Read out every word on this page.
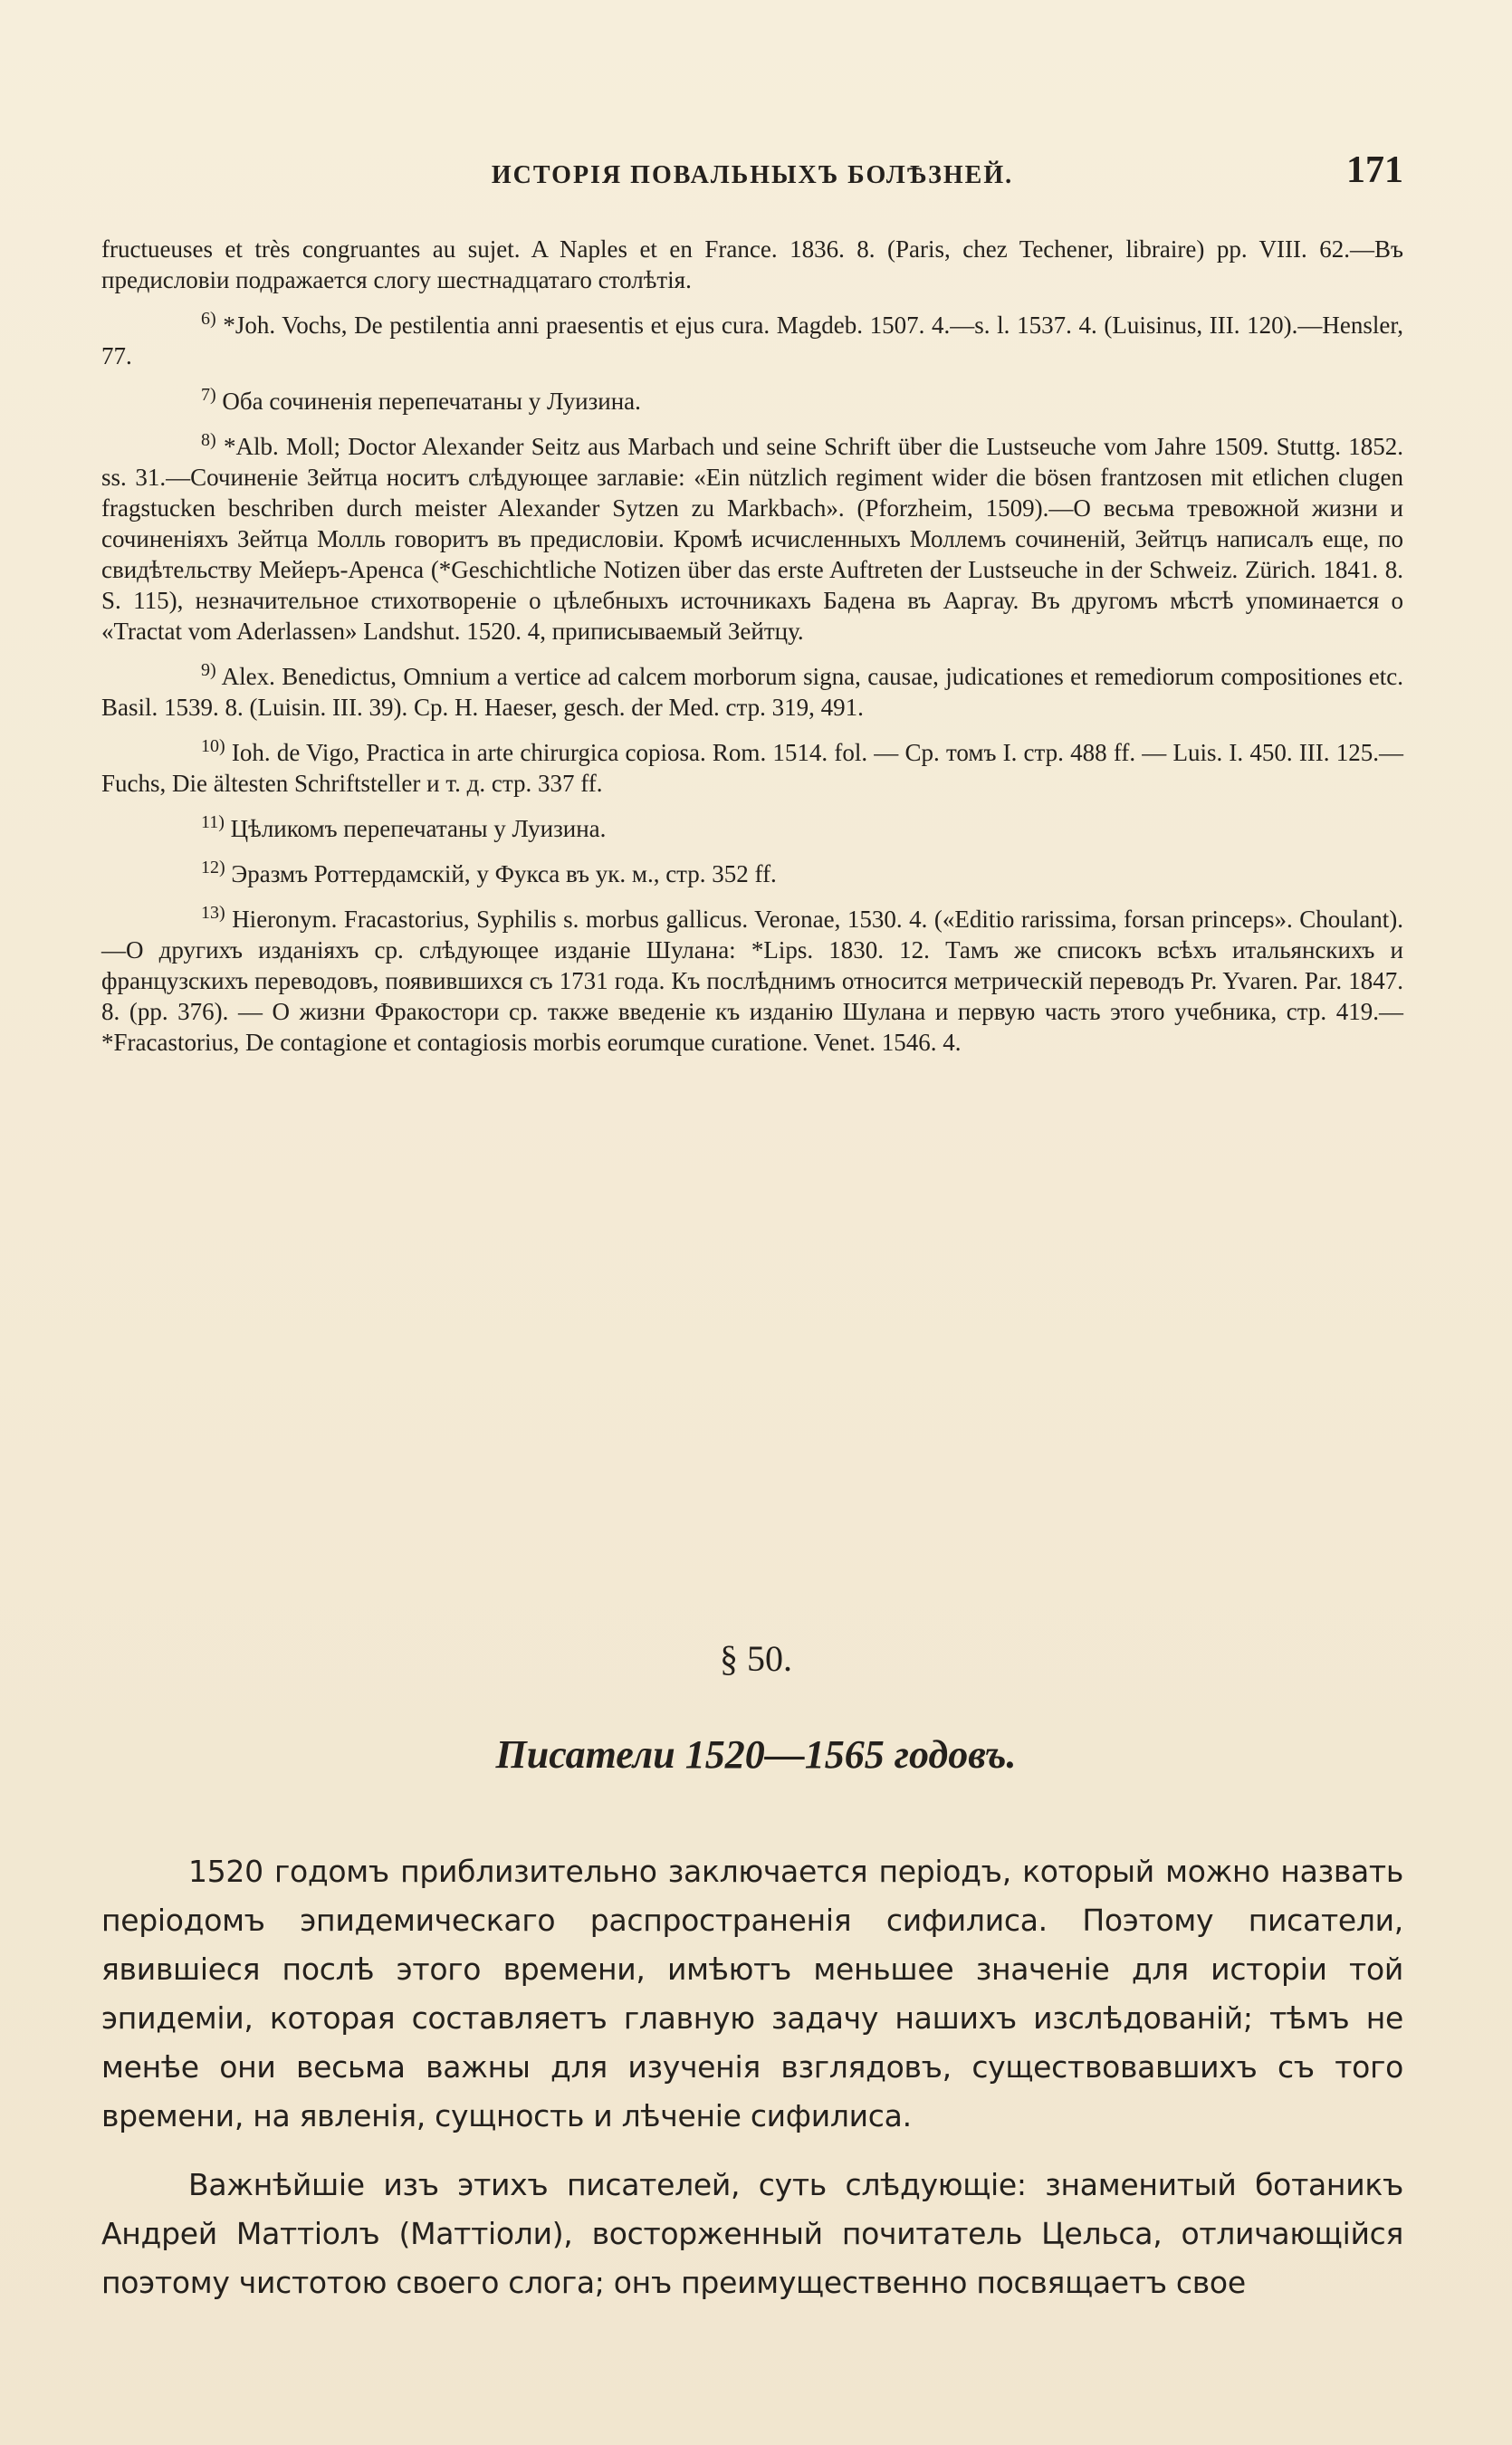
ИСТОРІЯ ПОВАЛЬНЫХЪ БОЛѢЗНЕЙ.	171

fructueuses et très congruantes au sujet. A Naples et en France. 1836. 8. (Paris, chez Techener, libraire) pp. VIII. 62.—Въ предисловіи подражается слогу шестнадцатаго столѣтія.

$^{6)}$ *Joh. Vochs, De pestilentia anni praesentis et ejus cura. Magdeb. 1507. 4.—s. l. 1537. 4. (Luisinus, III. 120).—Hensler, 77.

$^{7)}$ Оба сочиненія перепечатаны у Луизина.

$^{8)}$ *Alb. Moll; Doctor Alexander Seitz aus Marbach und seine Schrift über die Lustseuche vom Jahre 1509. Stuttg. 1852. ss. 31.—Сочиненіе Зейтца носитъ слѣдующее заглавіе: «Ein nützlich regiment wider die bösen frantzosen mit etlichen clugen fragstucken beschriben durch meister Alexander Sytzen zu Markbach». (Pforzheim, 1509).—О весьма тревожной жизни и сочиненіяхъ Зейтца Молль говоритъ въ предисловіи. Кромѣ исчисленныхъ Моллемъ сочиненій, Зейтцъ написалъ еще, по свидѣтельству Мейеръ-Аренса (*Geschichtliche Notizen über das erste Auftreten der Lustseuche in der Schweiz. Zürich. 1841. 8. S. 115), незначительное стихотвореніе о цѣлебныхъ источникахъ Бадена въ Ааргау. Въ другомъ мѣстѣ упоминается о «Tractat vom Aderlassen» Landshut. 1520. 4, приписываемый Зейтцу.

$^{9)}$ Alex. Benedictus, Omnium a vertice ad calcem morborum signa, causae, judicationes et remediorum compositiones etc. Basil. 1539. 8. (Luisin. III. 39). Ср. H. Haeser, gesch. der Med. стр. 319, 491.

$^{10)}$ Ioh. de Vigo, Practica in arte chirurgica copiosa. Rom. 1514. fol. — Ср. томъ I. стр. 488 ff. — Luis. I. 450. III. 125.—Fuchs, Die ältesten Schriftsteller и т. д. стр. 337 ff.

$^{11)}$ Цѣликомъ перепечатаны у Луизина.

$^{12)}$ Эразмъ Роттердамскій, у Фукса въ ук. м., стр. 352 ff.

$^{13)}$ Hieronym. Fracastorius, Syphilis s. morbus gallicus. Veronae, 1530. 4. («Editio rarissima, forsan princeps». Choulant).—О другихъ изданіяхъ ср. слѣдующее изданіе Шулана: *Lips. 1830. 12. Тамъ же списокъ всѣхъ итальянскихъ и французскихъ переводовъ, появившихся съ 1731 года. Къ послѣднимъ относится метрическій переводъ Pr. Yvaren. Par. 1847. 8. (pp. 376). — О жизни Фракостори ср. также введеніе къ изданію Шулана и первую часть этого учебника, стр. 419.—*Fracastorius, De contagione et contagiosis morbis eorumque curatione. Venet. 1546. 4.

§ 50.
Писатели 1520—1565 годовъ.

1520 годомъ приблизительно заключается періодъ, который можно назвать періодомъ эпидемическаго распространенія сифилиса. Поэтому писатели, явившіеся послѣ этого времени, имѣютъ меньшее значеніе для исторіи той эпидеміи, которая составляетъ главную задачу нашихъ изслѣдованій; тѣмъ не менѣе они весьма важны для изученія взглядовъ, существовавшихъ съ того времени, на явленія, сущность и лѣченіе сифилиса.

Важнѣйшіе изъ этихъ писателей, суть слѣдующіе: знаменитый ботаникъ Андрей Маттіолъ (Маттіоли), восторженный почитатель Цельса, отличающійся поэтому чистотою своего слога; онъ преимущественно посвящаетъ свое
